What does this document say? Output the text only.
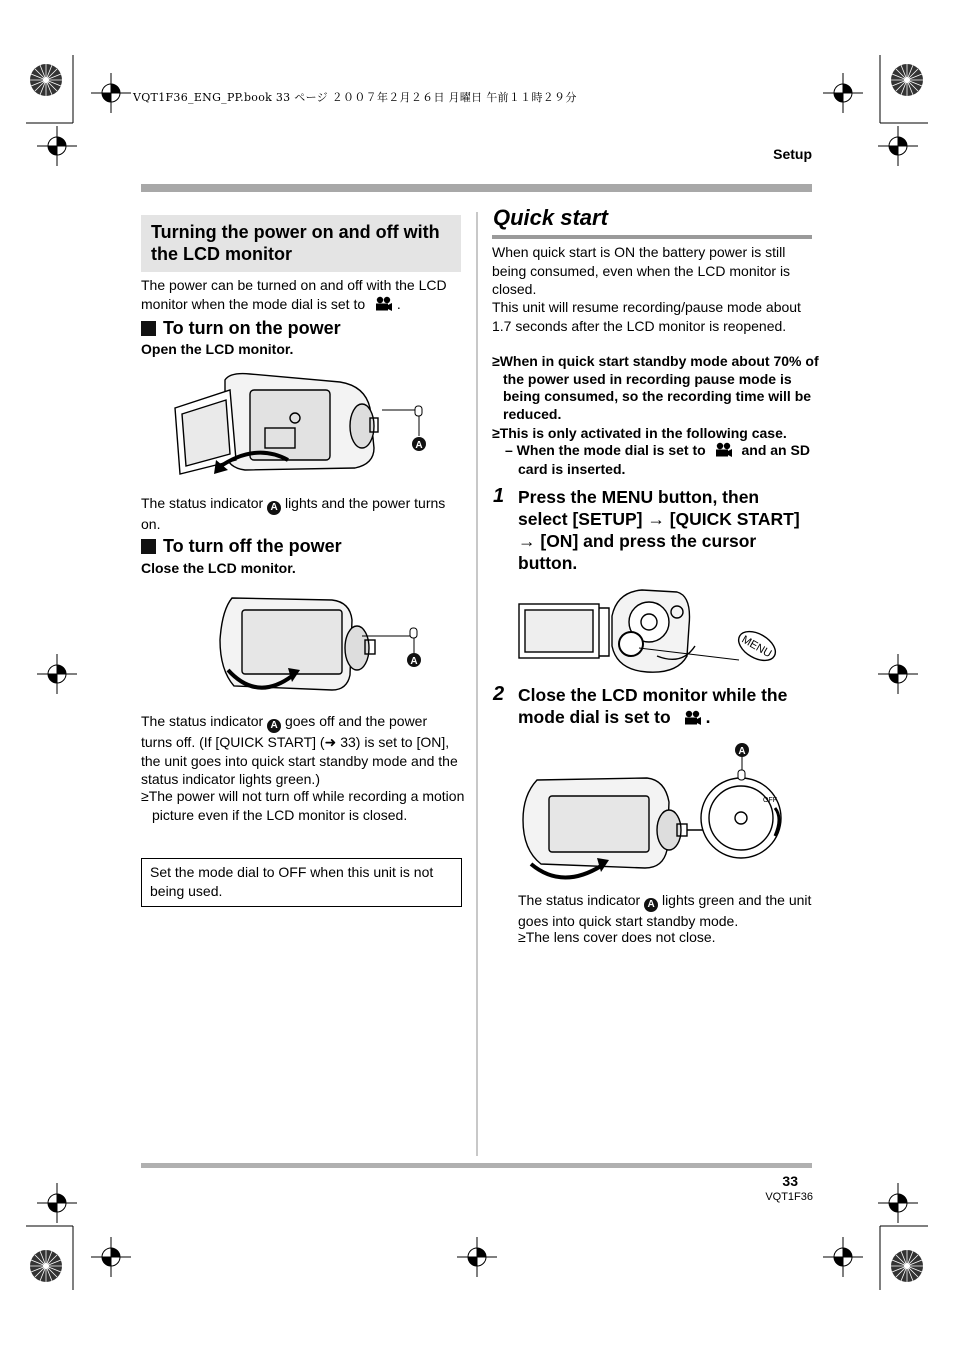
VQT1F36_ENG_PP.book 33 ページ ２００７年２月２６日 月曜日 午前１１時２９分
Setup
Turning the power on and off with the LCD monitor

The power can be turned on and off with the LCD monitor when the mode dial is set to .

To turn on the power

Open the LCD monitor.

A

The status indicator A lights and the power turns on.

To turn off the power

Close the LCD monitor.

A

The status indicator A goes off and the power turns off. (If [QUICK START] (➜ 33) is set to [ON], the unit goes into quick start standby mode and the status indicator lights green.)

≥The power will not turn off while recording a motion picture even if the LCD monitor is closed.

Set the mode dial to OFF when this unit is not being used.
Quick start

When quick start is ON the battery power is still being consumed, even when the LCD monitor is closed.

This unit will resume recording/pause mode about 1.7 seconds after the LCD monitor is reopened.

≥When in quick start standby mode about 70% of the power used in recording pause mode is being consumed, so the recording time will be reduced.

≥This is only activated in the following case.

– When the mode dial is set to	and an SD card is inserted.

1 Press the MENU button, then select [SETUP] → [QUICK START] → [ON] and press the cursor button.
MENU
2 Close the LCD monitor while the mode dial is set to .
OFF
A

The status indicator A lights green and the unit goes into quick start standby mode.

≥The lens cover does not close.

33
VQT1F36
